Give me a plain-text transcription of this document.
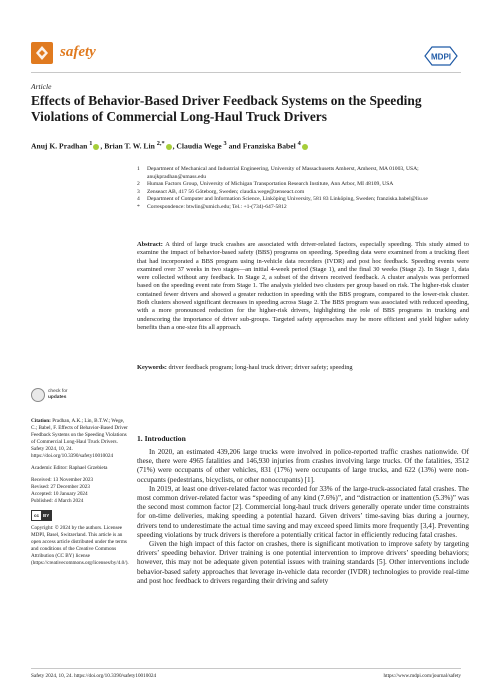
safety	MDPI
Article
Effects of Behavior-Based Driver Feedback Systems on the Speeding Violations of Commercial Long-Haul Truck Drivers
Anuj K. Pradhan $^1$ , Brian T. W. Lin $^{2,*}$ , Claudia Wege $^3$ and Franziska Babel $^4$
1	Department of Mechanical and Industrial Engineering, University of Massachusetts Amherst, Amherst, MA 01003, USA; anujkpradhan@umass.edu
2	Human Factors Group, University of Michigan Transportation Research Institute, Ann Arbor, MI 48109, USA
3	Zenseact AB, 417 56 Göteborg, Sweden; claudia.wege@zenseact.com
4	Department of Computer and Information Science, Linköping University, 581 83 Linköping, Sweden; franziska.babel@liu.se
*	Correspondence: btwlin@umich.edu; Tel.: +1-(734)-647-5812

Abstract: A third of large truck crashes are associated with driver-related factors, especially speeding. This study aimed to examine the impact of behavior-based safety (BBS) programs on speeding. Speeding data were examined from a trucking fleet that had incorporated a BBS program using in-vehicle data recorders (IVDR) and post hoc feedback. Speeding events were examined over 37 weeks in two stages—an initial 4-week period (Stage 1), and the final 30 weeks (Stage 2). In Stage 1, data were collected without any feedback. In Stage 2, a subset of the drivers received feedback. A cluster analysis was performed based on the speeding event rate from Stage 1. The analysis yielded two clusters per group based on risk. The higher-risk cluster contained fewer drivers and showed a greater reduction in speeding with the BBS program, compared to the lower-risk cluster. Both clusters showed significant decreases in speeding across Stage 2. The BBS program was associated with reduced speeding, with a more pronounced reduction for the higher-risk drivers, highlighting the role of BBS programs in trucking and underscoring the importance of driver sub-groups. Targeted safety approaches may be more efficient and yield higher safety benefits than a one-size fits all approach.

Keywords: driver feedback program; long-haul truck driver; driver safety; speeding

check for
updates

Citation: Pradhan, A.K.; Lin, B.T.W.; Wege, C.; Babel, F. Effects of Behavior-Based Driver Feedback Systems on the Speeding Violations of Commercial Long-Haul Truck Drivers. Safety 2024, 10, 24. https://doi.org/10.3390/safety10010024

Academic Editor: Raphael Grzebieta

Received: 13 November 2023

Revised: 27 December 2023

Accepted: 10 January 2024

Published: 4 March 2024

cc BY

Copyright: © 2024 by the authors. Licensee MDPI, Basel, Switzerland. This article is an open access article distributed under the terms and conditions of the Creative Commons Attribution (CC BY) license (https://creativecommons.org/licenses/by/4.0/).

1. Introduction

In 2020, an estimated 439,206 large trucks were involved in police-reported traffic crashes nationwide. Of these, there were 4965 fatalities and 146,930 injuries from crashes involving large trucks. Of the fatalities, 3512 (71%) were occupants of other vehicles, 831 (17%) were occupants of large trucks, and 622 (13%) were non-occupants (pedestrians, bicyclists, or other nonoccupants) [1].

In 2019, at least one driver-related factor was recorded for 33% of the large-truck-associated fatal crashes. The most common driver-related factor was “speeding of any kind (7.6%)”, and “distraction or inattention (5.3%)” was the second most common factor [2]. Commercial long-haul truck drivers generally operate under time constraints for on-time deliveries, making speeding a potential hazard. Given drivers’ time-saving bias during a journey, drivers tend to underestimate the actual time saving and may exceed speed limits more frequently [3,4]. Preventing speeding violations by truck drivers is therefore a potentially critical factor in efficiently reducing fatal crashes.

Given the high impact of this factor on crashes, there is significant motivation to improve safety by targeting drivers’ speeding behavior. Driver training is one potential intervention to improve drivers’ speeding behaviors; however, this may not be adequate given potential issues with training standards [5]. Other interventions include behavior-based safety approaches that leverage in-vehicle data recorder (IVDR) technologies to provide real-time and post hoc feedback to drivers regarding their driving and safety

Safety 2024, 10, 24. https://doi.org/10.3390/safety10010024	https://www.mdpi.com/journal/safety
